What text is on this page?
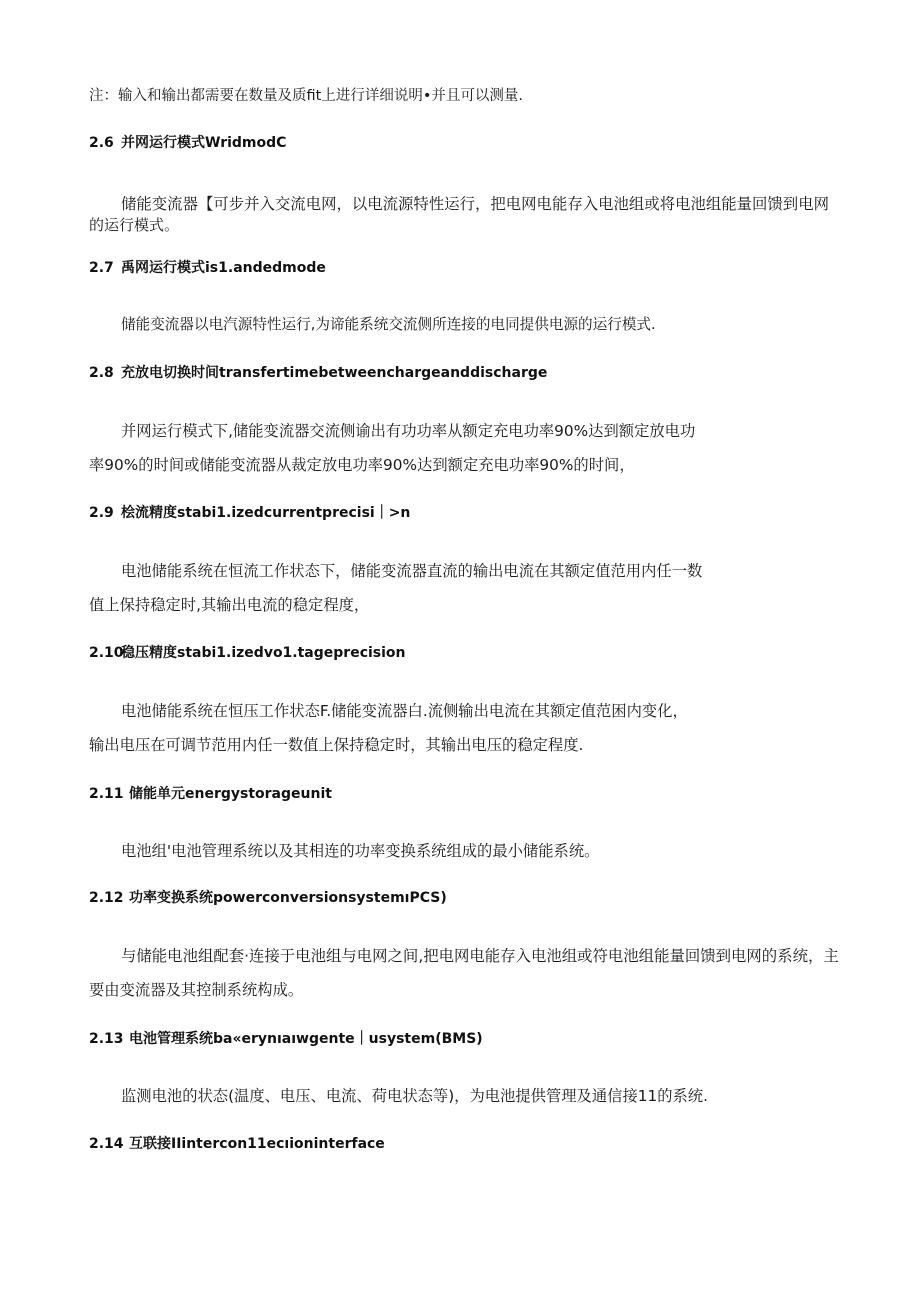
注：输入和输出都需要在数量及质fit上进行详细说明•并且可以测量.
2.6 并网运行模式WridmodС
储能变流器【可步并入交流电网，以电流源特性运行，把电网电能存入电池组或将电池组能量回馈到电网
的运行模式。
2.7 禹网运行模式is1.andedmode
储能变流器以电汽源特性运行,为谛能系统交流侧所连接的电同提供电源的运行模式.
2.8 充放电切换时间transfertimebetweenchargeanddischarge
并网运行模式下,储能变流器交流侧谕出有功功率从额定充电功率90%达到额定放电功
率90%的时间或储能变流器从裁定放电功率90%达到额定充电功率90%的时间，
2.9 桧流精度stabi1.izedcurrentprecisi｜>n
电池储能系统在恒流工作状态下，储能变流器直流的输出电流在其额定值范用内任一数
值上保持稳定时,其输出电流的稳定程度，
2.10稳压精度stabi1.izedvo1.tageprecision
电池储能系统在恒压工作状态F.储能变流器白.流侧输出电流在其额定值范困内变化，
输出电压在可调节范用内任一数值上保持稳定时，其输出电压的稳定程度.
2.11 储能单元energystorageunit
电池组'电池管理系统以及其相连的功率变换系统组成的最小储能系统。
2.12 功率变换系统powerconversionsystemıPCS)
与储能电池组配套·连接于电池组与电网之间,把电网电能存入电池组或符电池组能量回馈到电网的系统，主
要由变流器及其控制系统构成。
2.13 电池管理系统ba«erynıaıwgentе｜usystem(BMS)
监测电池的状态(温度、电压、电流、荷电状态等)，为电池提供管理及通信接11的系统.
2.14 互联接IIintercon11ecıioninterface
